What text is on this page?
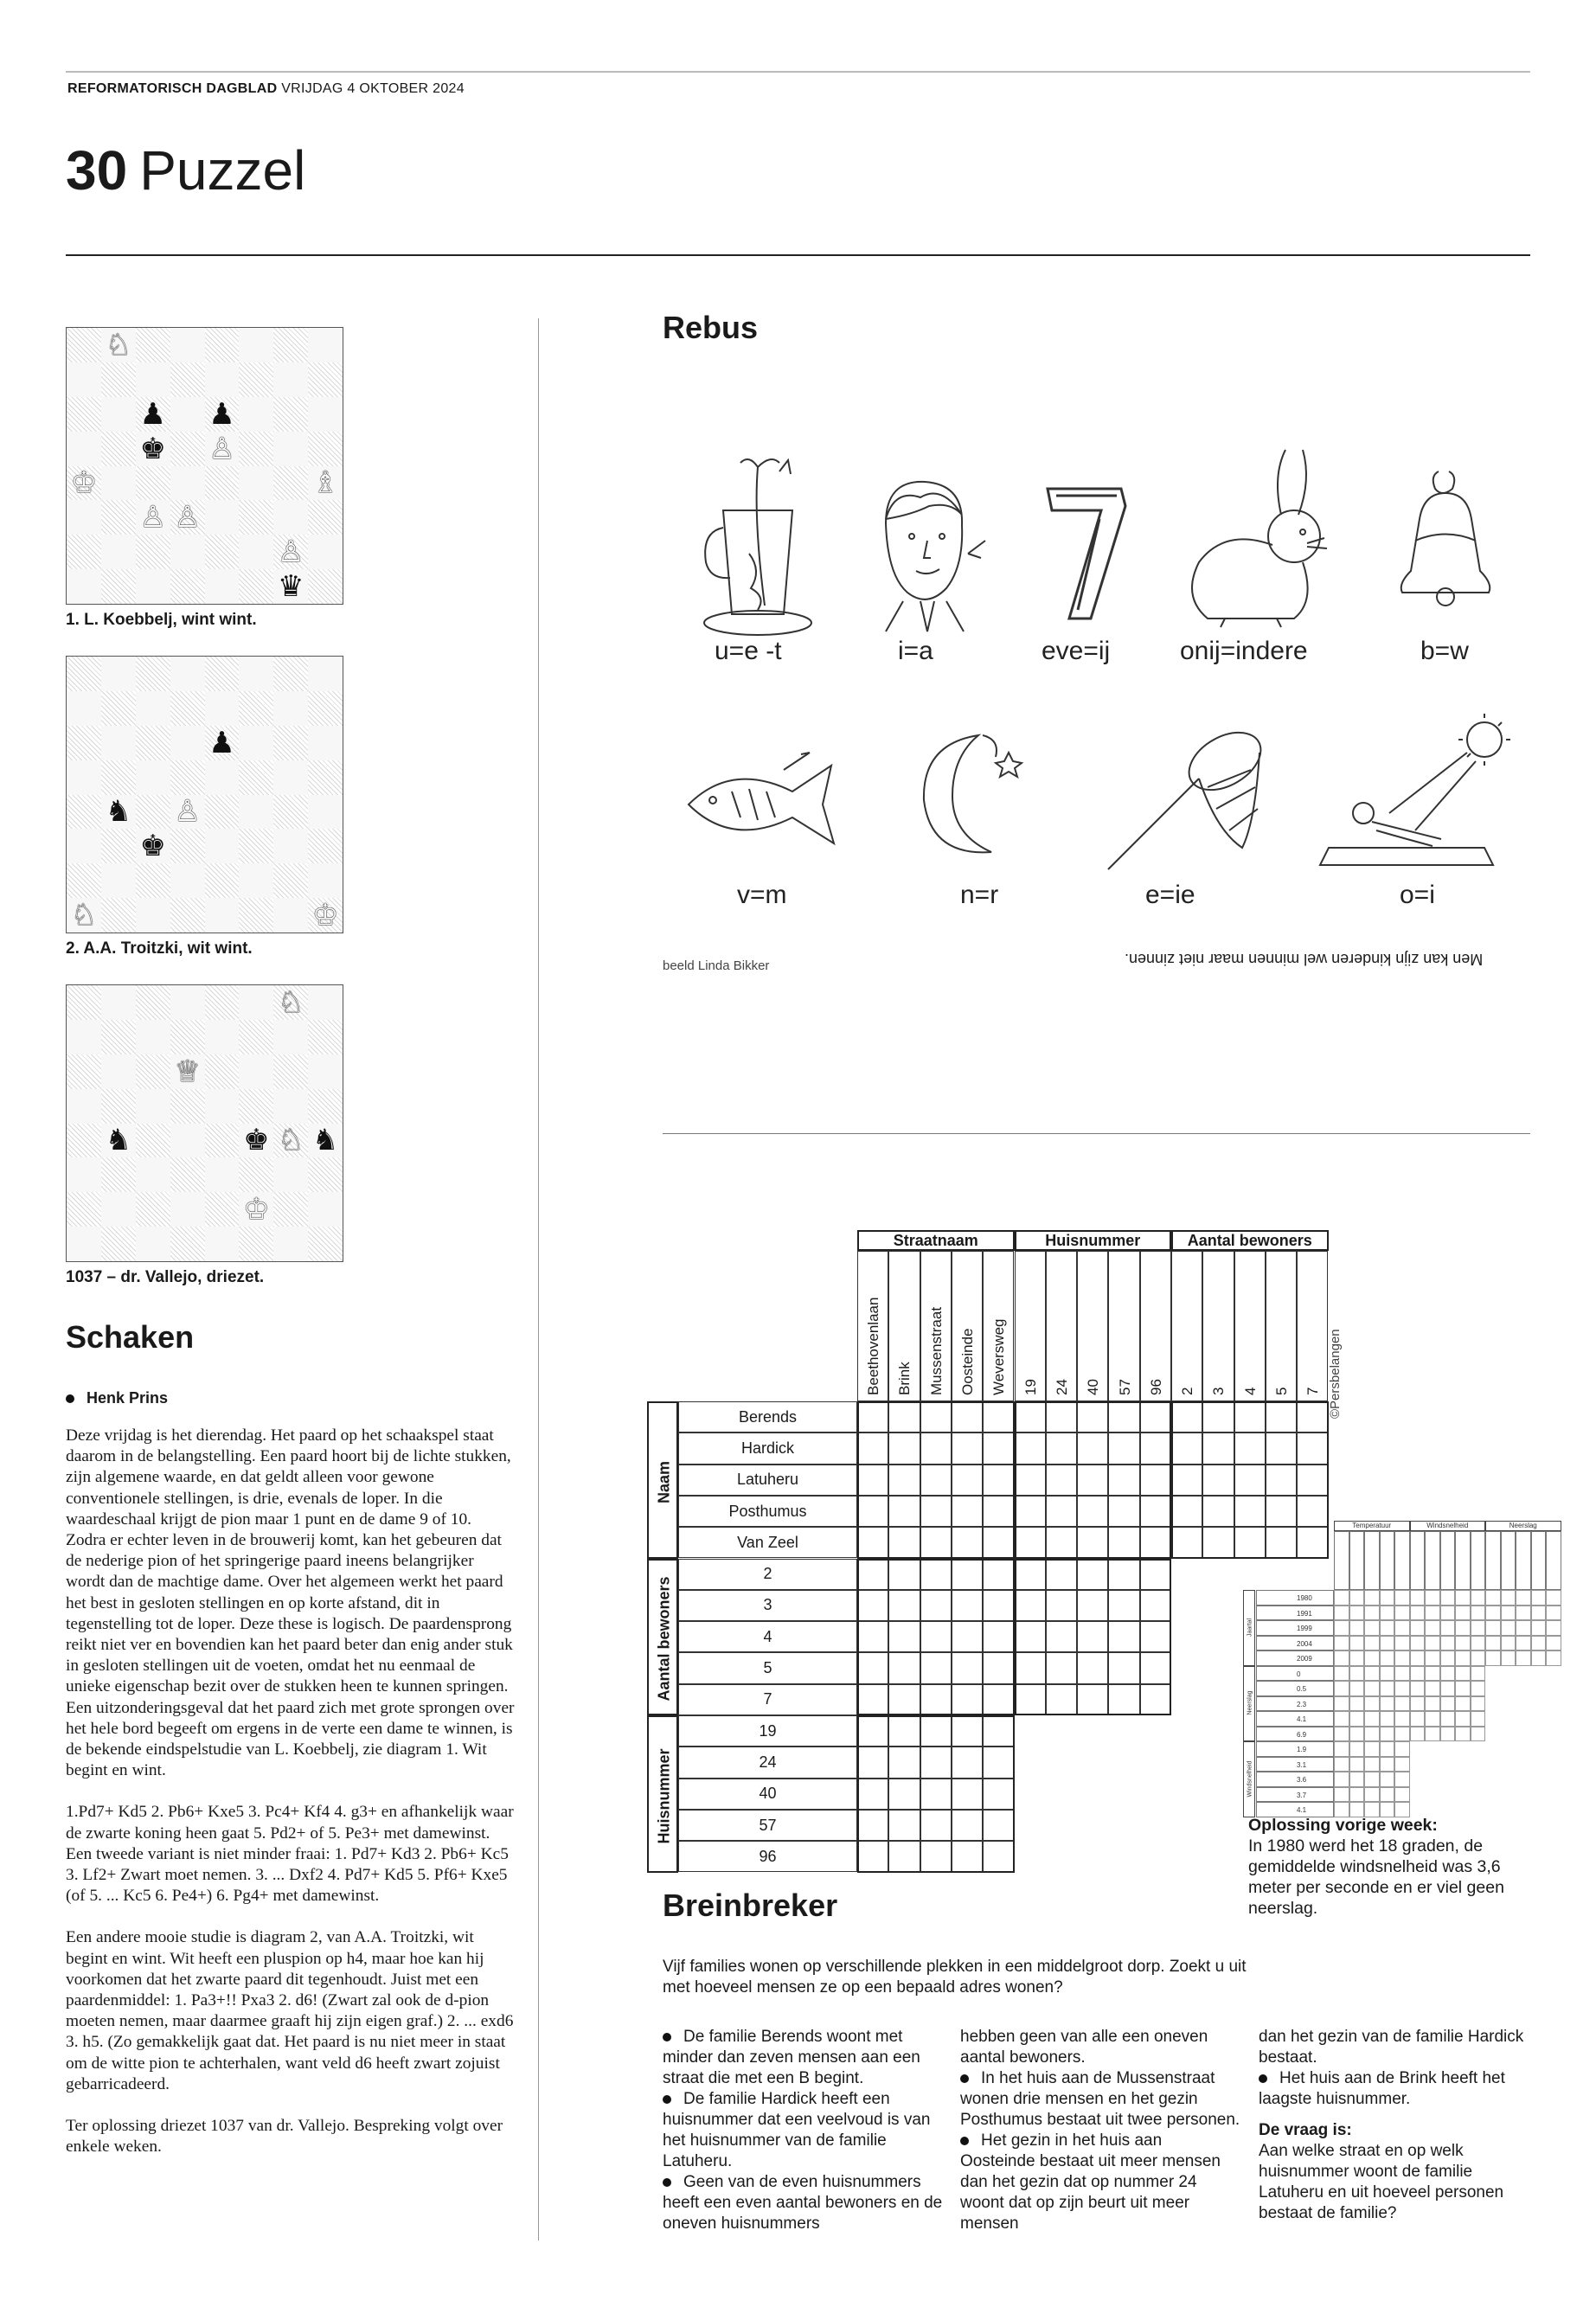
REFORMATORISCH DAGBLAD VRIJDAG 4 OKTOBER 2024
30 Puzzel
♘
♟ ♟
♚ ♙
♔	♗
♙ ♙
♙
♛
1. L. Koebbelj, wint wint.
♟
♞ ♙
♚
♘	♔
2. A.A. Troitzki, wit wint.
♘
♕
♞	♚ ♘ ♞
♔
1037 – dr. Vallejo, driezet.
Schaken
Henk Prins

Deze vrijdag is het dierendag. Het paard op het schaakspel staat daarom in de belangstelling. Een paard hoort bij de lichte stukken, zijn algemene waarde, en dat geldt alleen voor gewone conventionele stellingen, is drie, evenals de loper. In die waardeschaal krijgt de pion maar 1 punt en de dame 9 of 10. Zodra er echter leven in de brouwerij komt, kan het gebeuren dat de nederige pion of het springerige paard ineens belangrijker wordt dan de machtige dame. Over het algemeen werkt het paard het best in gesloten stellingen en op korte afstand, dit in tegenstelling tot de loper. Deze these is logisch. De paardensprong reikt niet ver en bovendien kan het paard beter dan enig ander stuk in gesloten stellingen uit de voeten, omdat het nu eenmaal de unieke eigenschap bezit over de stukken heen te kunnen springen. Een uitzonderingsgeval dat het paard zich met grote sprongen over het hele bord begeeft om ergens in de verte een dame te winnen, is de bekende eindspelstudie van L. Koebbelj, zie diagram 1. Wit begint en wint.

1.Pd7+ Kd5 2. Pb6+ Kxe5 3. Pc4+ Kf4 4. g3+ en afhankelijk waar de zwarte koning heen gaat 5. Pd2+ of 5. Pe3+ met damewinst. Een tweede variant is niet minder fraai: 1. Pd7+ Kd3 2. Pb6+ Kc5 3. Lf2+ Zwart moet nemen. 3. ... Dxf2 4. Pd7+ Kd5 5. Pf6+ Kxe5 (of 5. ... Kc5 6. Pe4+) 6. Pg4+ met damewinst.

Een andere mooie studie is diagram 2, van A.A. Troitzki, wit begint en wint. Wit heeft een pluspion op h4, maar hoe kan hij voorkomen dat het zwarte paard dit tegenhoudt. Juist met een paardenmiddel: 1. Pa3+!! Pxa3 2. d6! (Zwart zal ook de d-pion moeten nemen, maar daarmee graaft hij zijn eigen graf.) 2. ... exd6 3. h5. (Zo gemakkelijk gaat dat. Het paard is nu niet meer in staat om de witte pion te achterhalen, want veld d6 heeft zwart zojuist gebarricadeerd.

Ter oplossing driezet 1037 van dr. Vallejo. Bespreking volgt over enkele weken.

Rebus
u=e -t	i=a	eve=ij	onij=indere	b=w
v=m	n=r	e=ie	o=i
beeld Linda Bikker	Men kan zijn kinderen wel minnen maar niet zinnen.
Straatnaam	Huisnummer	Aantal bewoners
Beethovenlaan Brink Mussenstraat Oosteinde Weversweg 19 24 40 57 96 2 3 4 5 7
Naam
Berends
Hardick
Latuheru
Posthumus
Van Zeel
Aantal bewoners
2
3
4
5
7
Huisnummer
19
24
40
57
96
©Persbelangen
Temperatuur	Windsnelheid	Neerslag
Jaartal
1980
1991
1999
2004
2009
Neerslag
0
0.5
2.3
4.1
6.9
Windsnelheid
1.9
3.1
3.6
3.7
4.1
Oplossing vorige week:
In 1980 werd het 18 graden, de gemiddelde windsnelheid was 3,6 meter per seconde en er viel geen neerslag.
Breinbreker
Vijf families wonen op verschillende plekken in een middelgroot dorp. Zoekt u uit met hoeveel mensen ze op een bepaald adres wonen?
De familie Berends woont met minder dan zeven mensen aan een straat die met een B begint.
De familie Hardick heeft een huisnummer dat een veelvoud is van het huisnummer van de familie Latuheru.
Geen van de even huisnummers heeft een even aantal bewoners en de oneven huisnummers
hebben geen van alle een oneven aantal bewoners.
In het huis aan de Mussenstraat wonen drie mensen en het gezin Posthumus bestaat uit twee personen.
Het gezin in het huis aan Oosteinde bestaat uit meer mensen dan het gezin dat op nummer 24 woont dat op zijn beurt uit meer mensen
dan het gezin van de familie Hardick bestaat.
Het huis aan de Brink heeft het laagste huisnummer.
De vraag is:
Aan welke straat en op welk huisnummer woont de familie Latuheru en uit hoeveel personen bestaat de familie?
